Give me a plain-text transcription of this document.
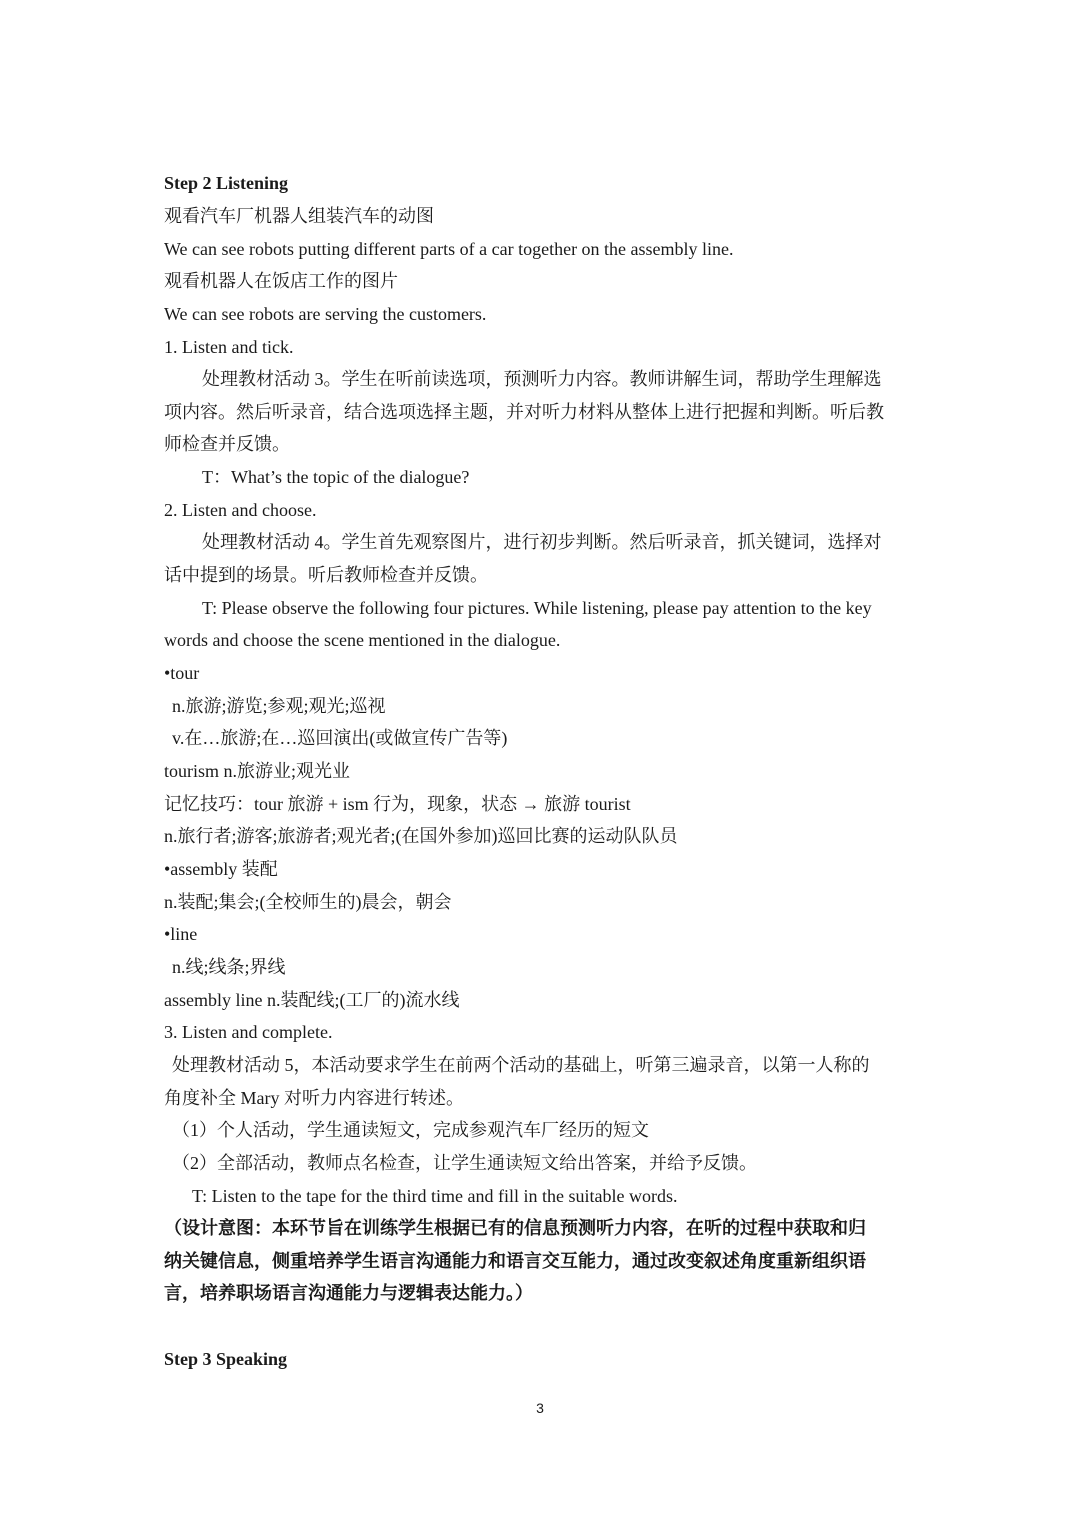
Step 2 Listening
观看汽车厂机器人组装汽车的动图
We can see robots putting different parts of a car together on the assembly line.
观看机器人在饭店工作的图片
We can see robots are serving the customers.
1. Listen and tick.
处理教材活动 3。学生在听前读选项，预测听力内容。教师讲解生词，帮助学生理解选
项内容。然后听录音，结合选项选择主题，并对听力材料从整体上进行把握和判断。听后教
师检查并反馈。
T：What’s the topic of the dialogue?
2. Listen and choose.
处理教材活动 4。学生首先观察图片，进行初步判断。然后听录音，抓关键词，选择对
话中提到的场景。听后教师检查并反馈。
T: Please observe the following four pictures. While listening, please pay attention to the key
words and choose the scene mentioned in the dialogue.
•tour
n.旅游;游览;参观;观光;巡视
v.在…旅游;在…巡回演出(或做宣传广告等)
tourism n.旅游业;观光业
记忆技巧：tour 旅游 + ism 行为，现象，状态 → 旅游 tourist
n.旅行者;游客;旅游者;观光者;(在国外参加)巡回比赛的运动队队员
•assembly 装配
n.装配;集会;(全校师生的)晨会，朝会
•line
n.线;线条;界线
assembly line n.装配线;(工厂的)流水线
3. Listen and complete.
处理教材活动 5，本活动要求学生在前两个活动的基础上，听第三遍录音，以第一人称的
角度补全 Mary 对听力内容进行转述。
（1）个人活动，学生通读短文，完成参观汽车厂经历的短文
（2）全部活动，教师点名检查，让学生通读短文给出答案，并给予反馈。
T: Listen to the tape for the third time and fill in the suitable words.
（设计意图：本环节旨在训练学生根据已有的信息预测听力内容，在听的过程中获取和归
纳关键信息，侧重培养学生语言沟通能力和语言交互能力，通过改变叙述角度重新组织语
言，培养职场语言沟通能力与逻辑表达能力。）
Step 3 Speaking
3
